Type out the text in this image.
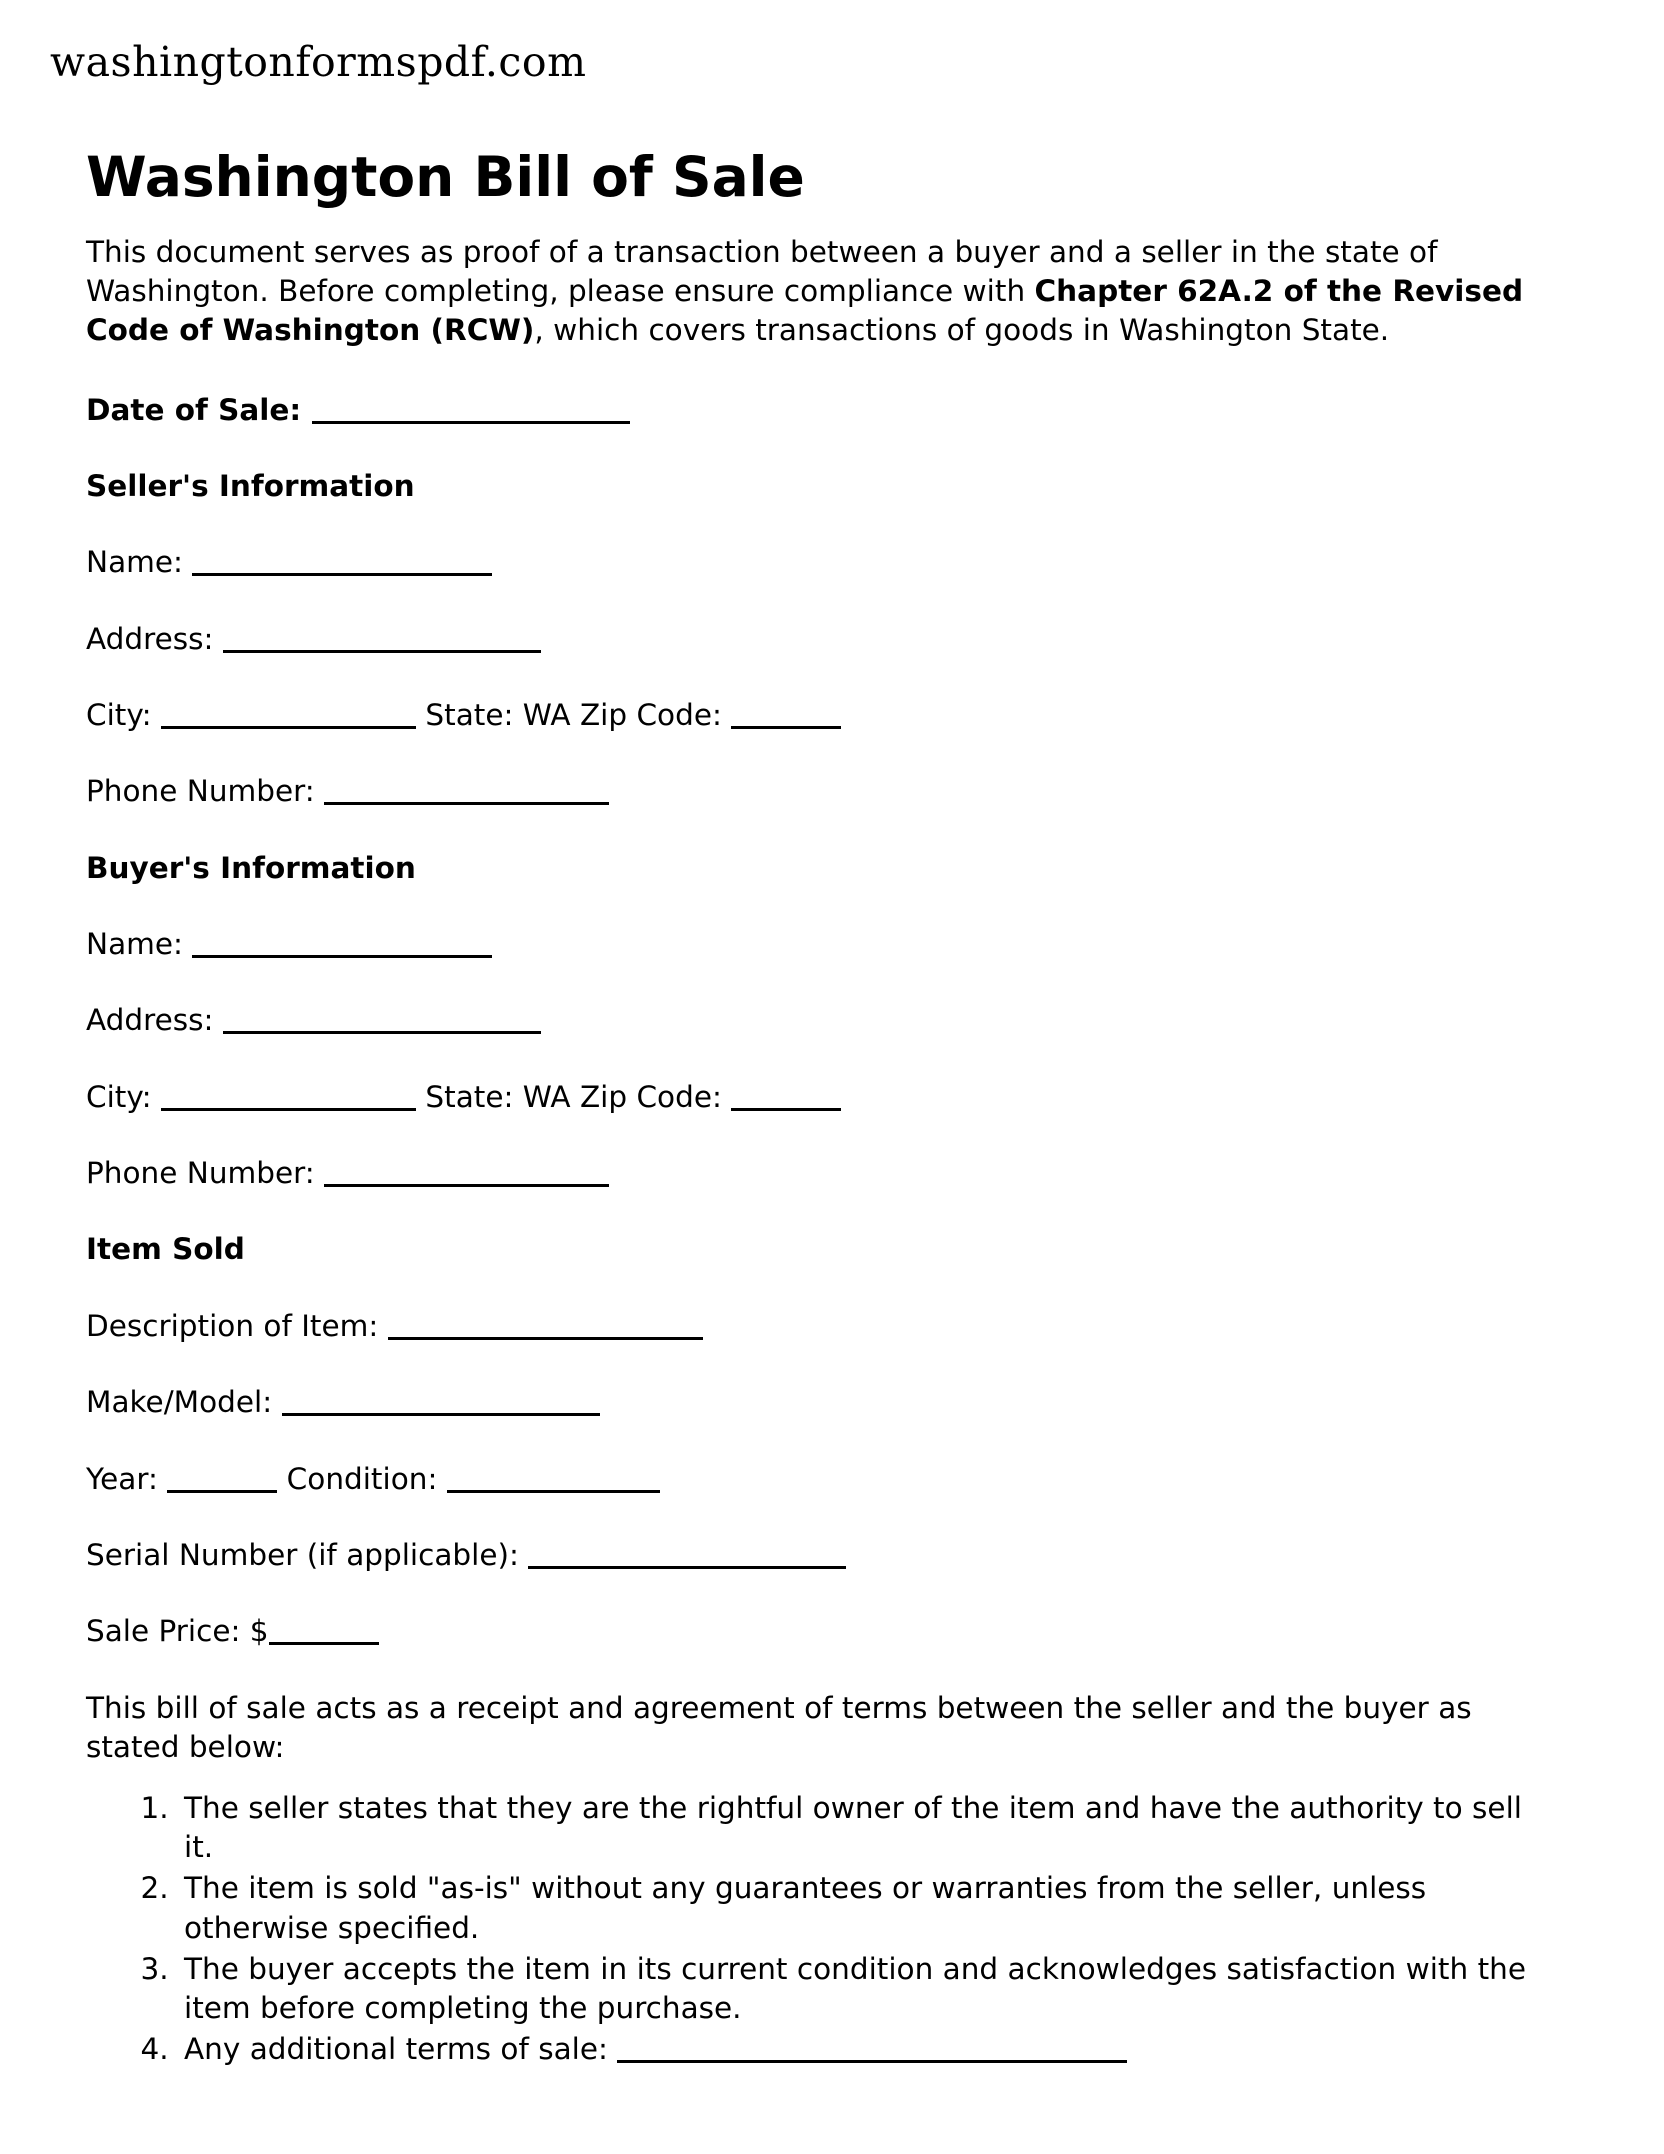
washingtonformspdf.com
Washington Bill of Sale

This document serves as proof of a transaction between a buyer and a seller in the state of Washington. Before completing, please ensure compliance with Chapter 62A.2 of the Revised Code of Washington (RCW), which covers transactions of goods in Washington State.

Date of Sale:

Seller's Information

Name:

Address:

City:	State: WA Zip Code:

Phone Number:

Buyer's Information

Name:

Address:

City:	State: WA Zip Code:

Phone Number:

Item Sold

Description of Item:

Make/Model:

Year:	Condition:

Serial Number (if applicable):

Sale Price: $

This bill of sale acts as a receipt and agreement of terms between the seller and the buyer as stated below:

1. The seller states that they are the rightful owner of the item and have the authority to sell it.
2. The item is sold "as-is" without any guarantees or warranties from the seller, unless otherwise specified.
3. The buyer accepts the item in its current condition and acknowledges satisfaction with the item before completing the purchase.
4. Any additional terms of sale:
